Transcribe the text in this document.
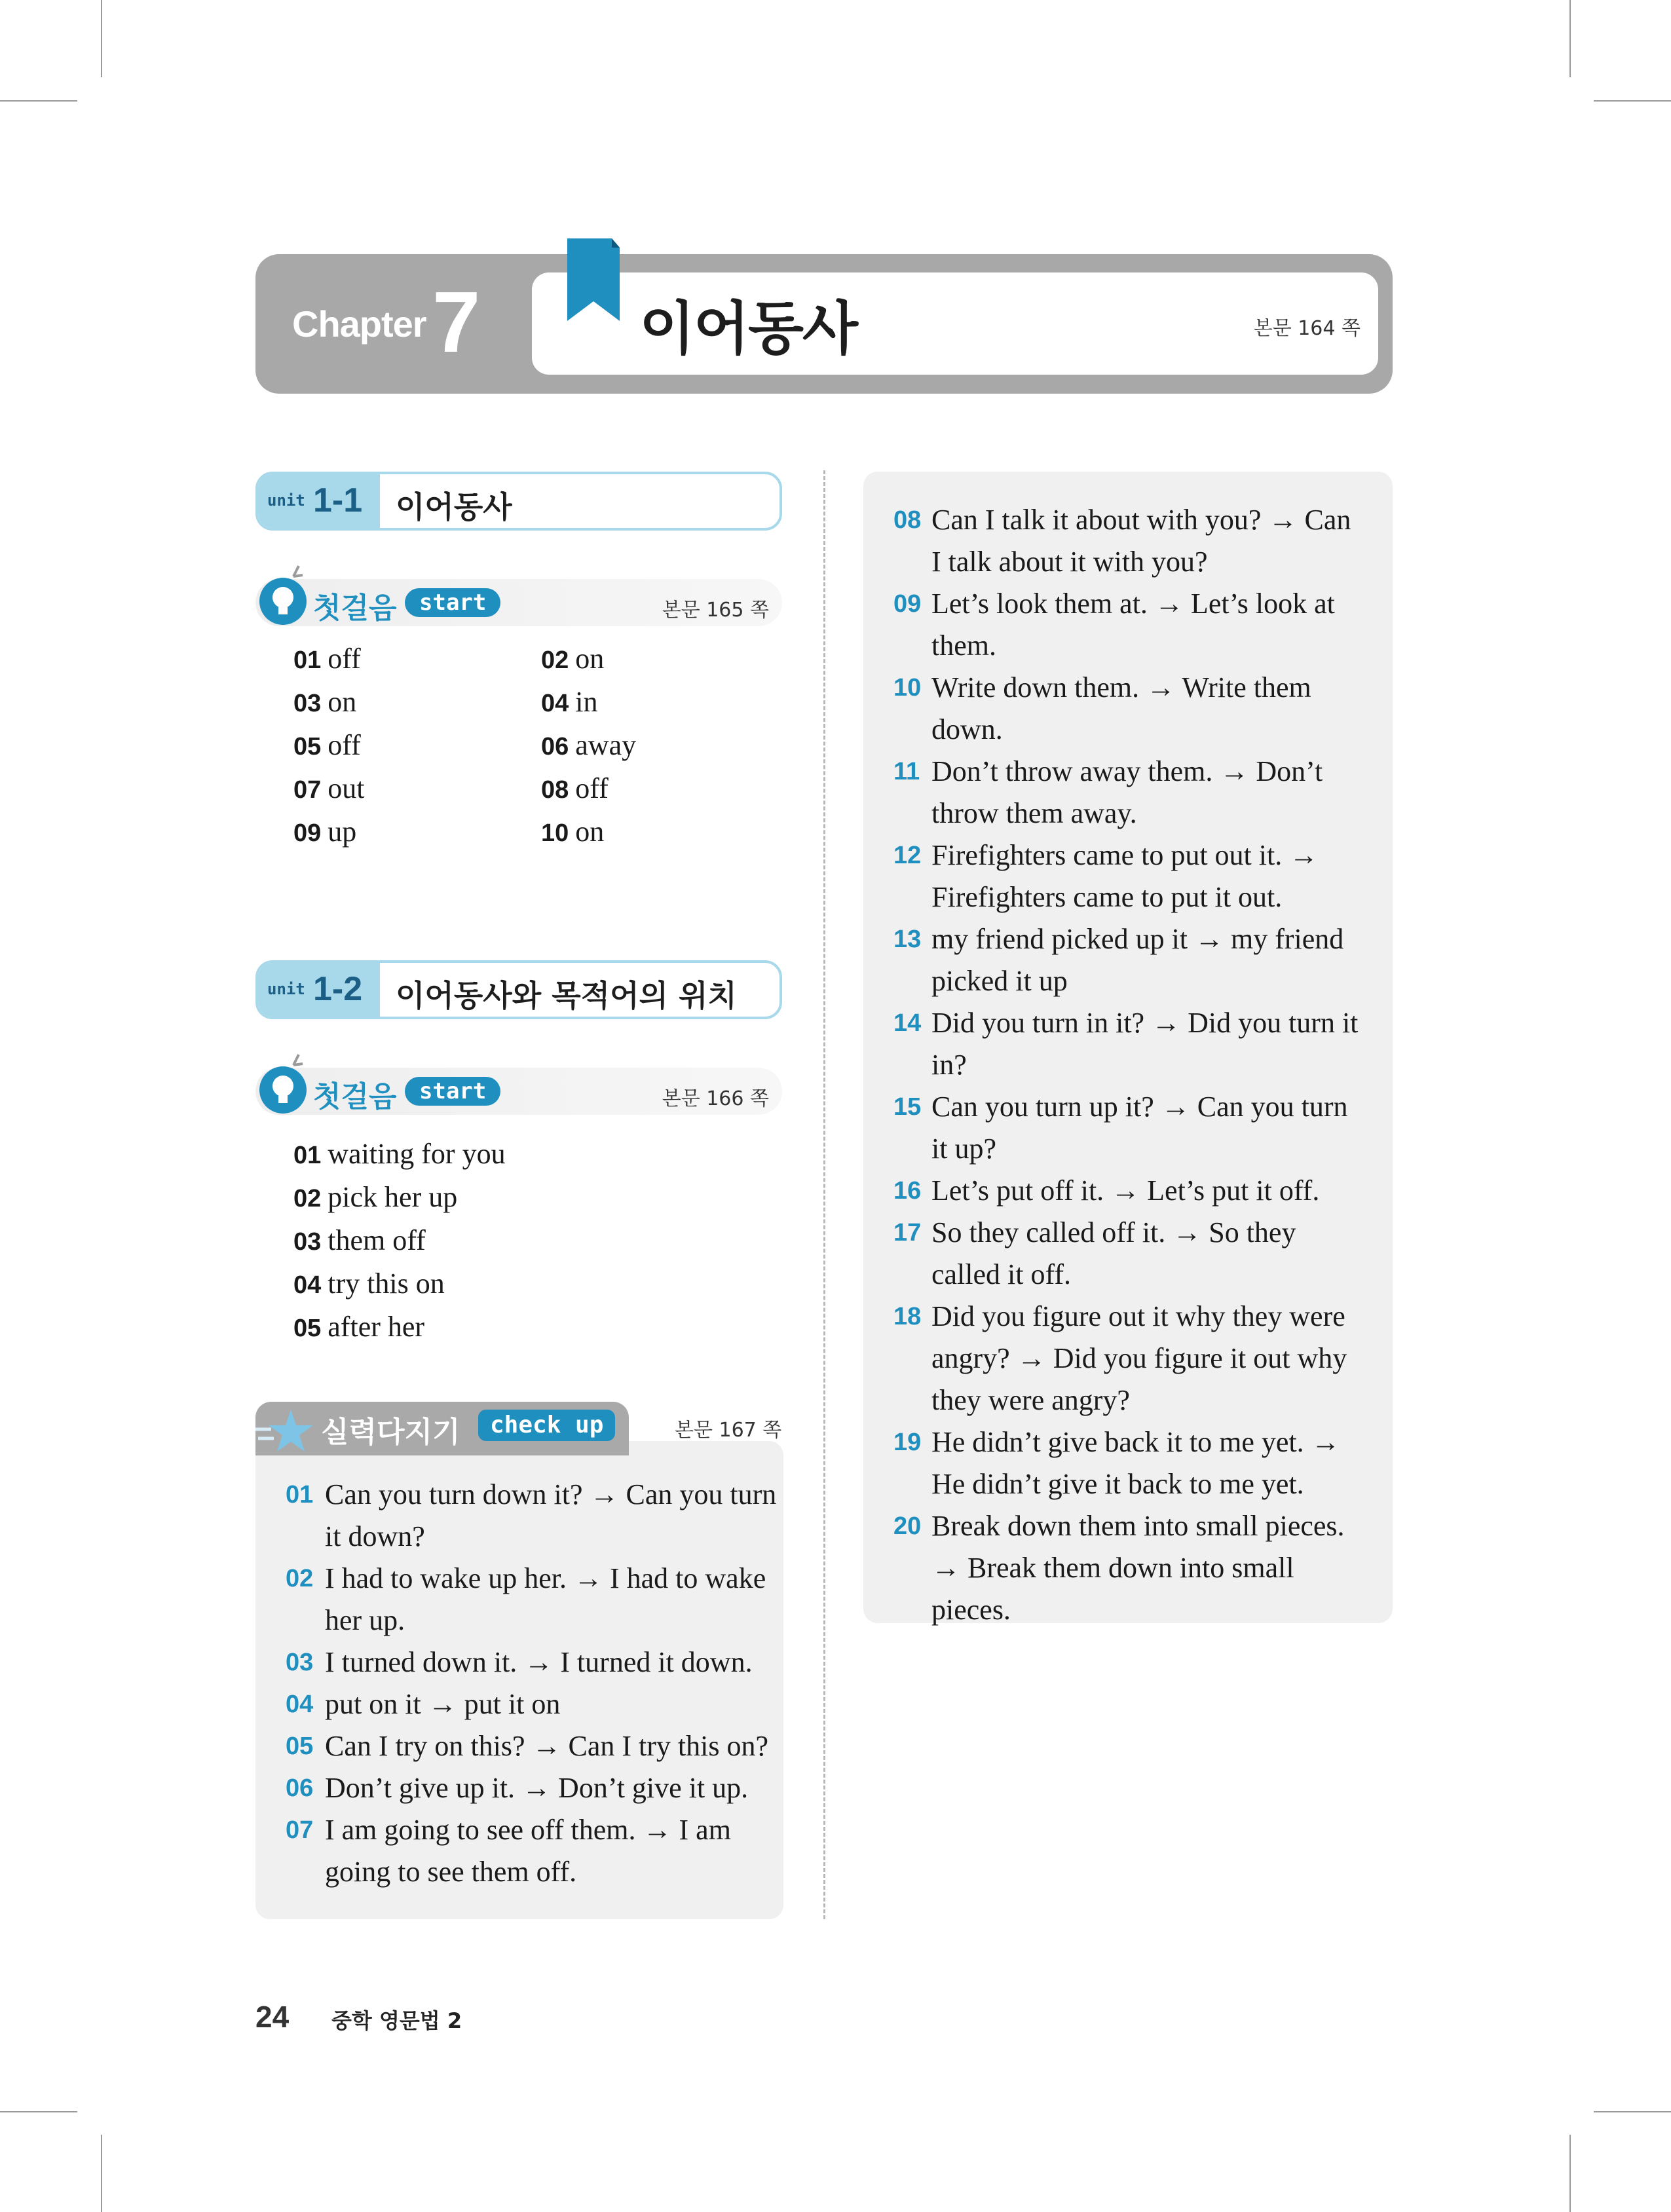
Chapter 7	이어동사	본문 164 쪽
unit 1-1 이어동사
첫걸음	start	본문 165 쪽
01 off	02 on
03 on	04 in
05 off	06 away
07 out	08 off
09 up	10 on
unit 1-2 이어동사와 목적어의 위치
첫걸음	start	본문 166 쪽
01 waiting for you
02 pick her up
03 them off
04 try this on
05 after her
실력다지기	check up	본문 167 쪽
01 Can you turn down it? → Can you turn it down?
02 I had to wake up her. → I had to wake her up.
03 I turned down it. → I turned it down.
04 put on it → put it on
05 Can I try on this? → Can I try this on?
06 Don’t give up it. → Don’t give it up.
07 I am going to see off them. → I am going to see them off.
08 Can I talk it about with you? → Can I talk about it with you?
09 Let’s look them at. → Let’s look at them.
10 Write down them. → Write them down.
11 Don’t throw away them. → Don’t throw them away.
12 Firefighters came to put out it. → Firefighters came to put it out.
13 my friend picked up it → my friend picked it up
14 Did you turn in it? → Did you turn it in?
15 Can you turn up it? → Can you turn it up?
16 Let’s put off it. → Let’s put it off.
17 So they called off it. → So they called it off.
18 Did you figure out it why they were angry? → Did you figure it out why they were angry?
19 He didn’t give back it to me yet. → He didn’t give it back to me yet.
20 Break down them into small pieces. → Break them down into small pieces.
24 중학 영문법 2
